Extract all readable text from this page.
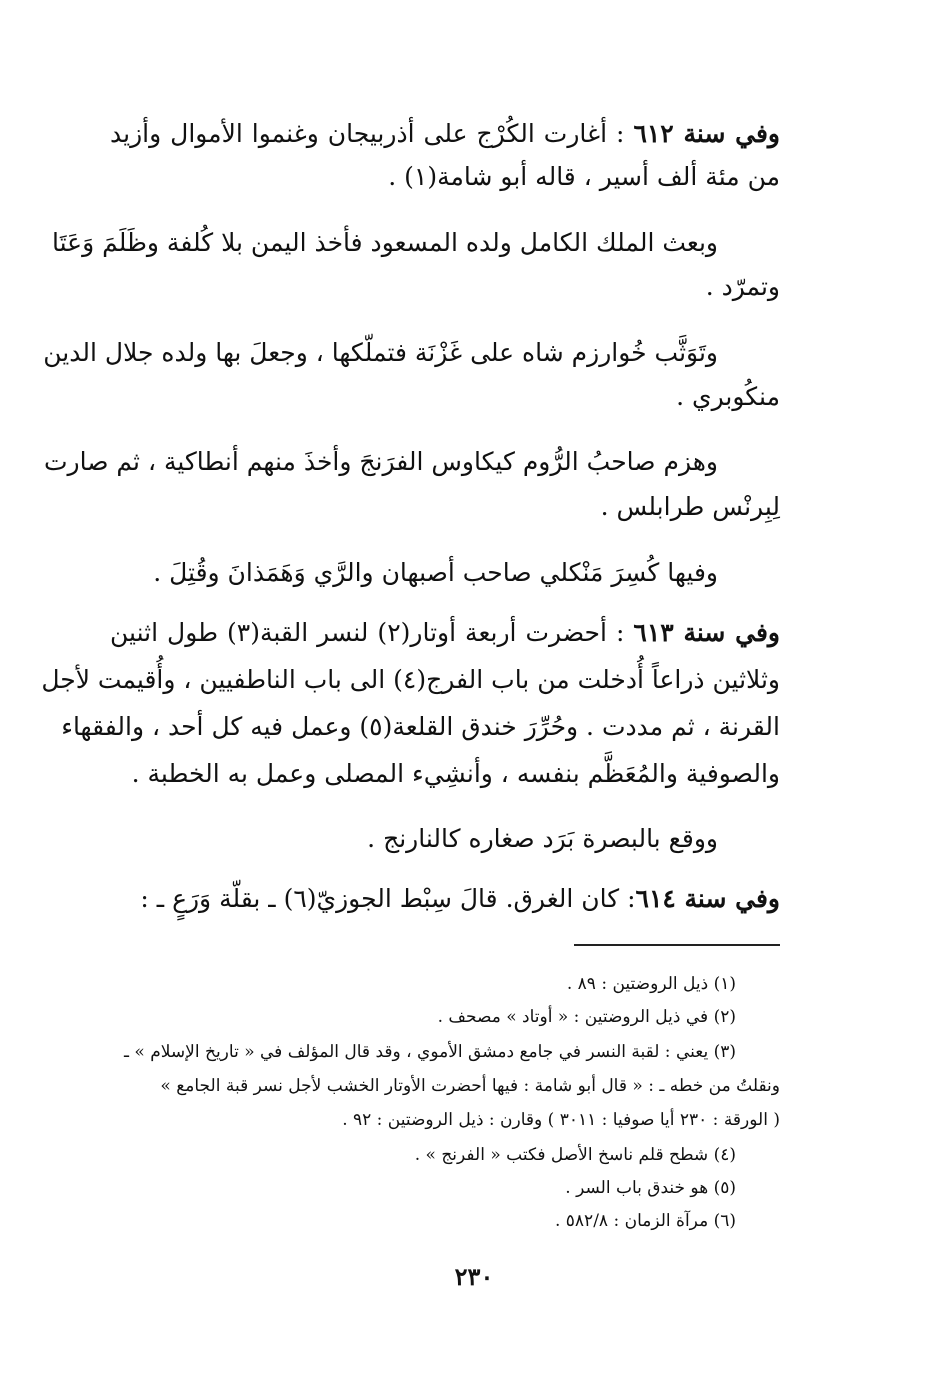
وفي سنة ٦١٢ : أغارت الكُرْج على أذربيجان وغنموا الأموال وأزيد
من مئة ألف أسير ، قاله أبو شامة(١) .
وبعث الملك الكامل ولده المسعود فأخذ اليمن بلا كُلفة وظَلَمَ وَعَتَا
وتمرّد .
وتَوَثَّب خُوارزم شاه على غَزْنَة فتملّكها ، وجعلَ بها ولده جلال الدين
منكُوبري .
وهزم صاحبُ الرُّوم كيكاوس الفرَنجَ وأخذَ منهم أنطاكية ، ثم صارت
لِبِرنْس طرابلس .
وفيها كُسِرَ مَنْكلي صاحب أصبهان والرَّي وَهَمَذانَ وقُتِلَ .
وفي سنة ٦١٣ : أحضرت أربعة أوتار(٢) لنسر القبة(٣) طول اثنين
وثلاثين ذراعاً أُدخلت من باب الفرج(٤) الى باب الناطفيين ، وأُقيمت لأجل
القرنة ، ثم مددت . وحُرِّرَ خندق القلعة(٥) وعمل فيه كل أحد ، والفقهاء
والصوفية والمُعَظَّم بنفسه ، وأنشِيء المصلى وعمل به الخطبة .
ووقع بالبصرة بَرَد صغاره كالنارنج .
وفي سنة ٦١٤: كان الغرق. قالَ سِبْط الجوزيّ(٦) ـ بقلّة وَرَعٍ ـ :
(١) ذيل الروضتين : ٨٩ .
(٢) في ذيل الروضتين : « أوتاد » مصحف .
(٣) يعني : لقبة النسر في جامع دمشق الأموي ، وقد قال المؤلف في « تاريخ الإسلام » ـ
ونقلتُ من خطه ـ : « قال أبو شامة : فيها أحضرت الأوتار الخشب لأجل نسر قبة الجامع »
( الورقة : ٢٣٠ أيا صوفيا : ٣٠١١ ) وقارن : ذيل الروضتين : ٩٢ .
(٤) شطح قلم ناسخ الأصل فكتب « الفرنج » .
(٥) هو خندق باب السر .
(٦) مرآة الزمان : ٥٨٢/٨ .
٢٣٠
